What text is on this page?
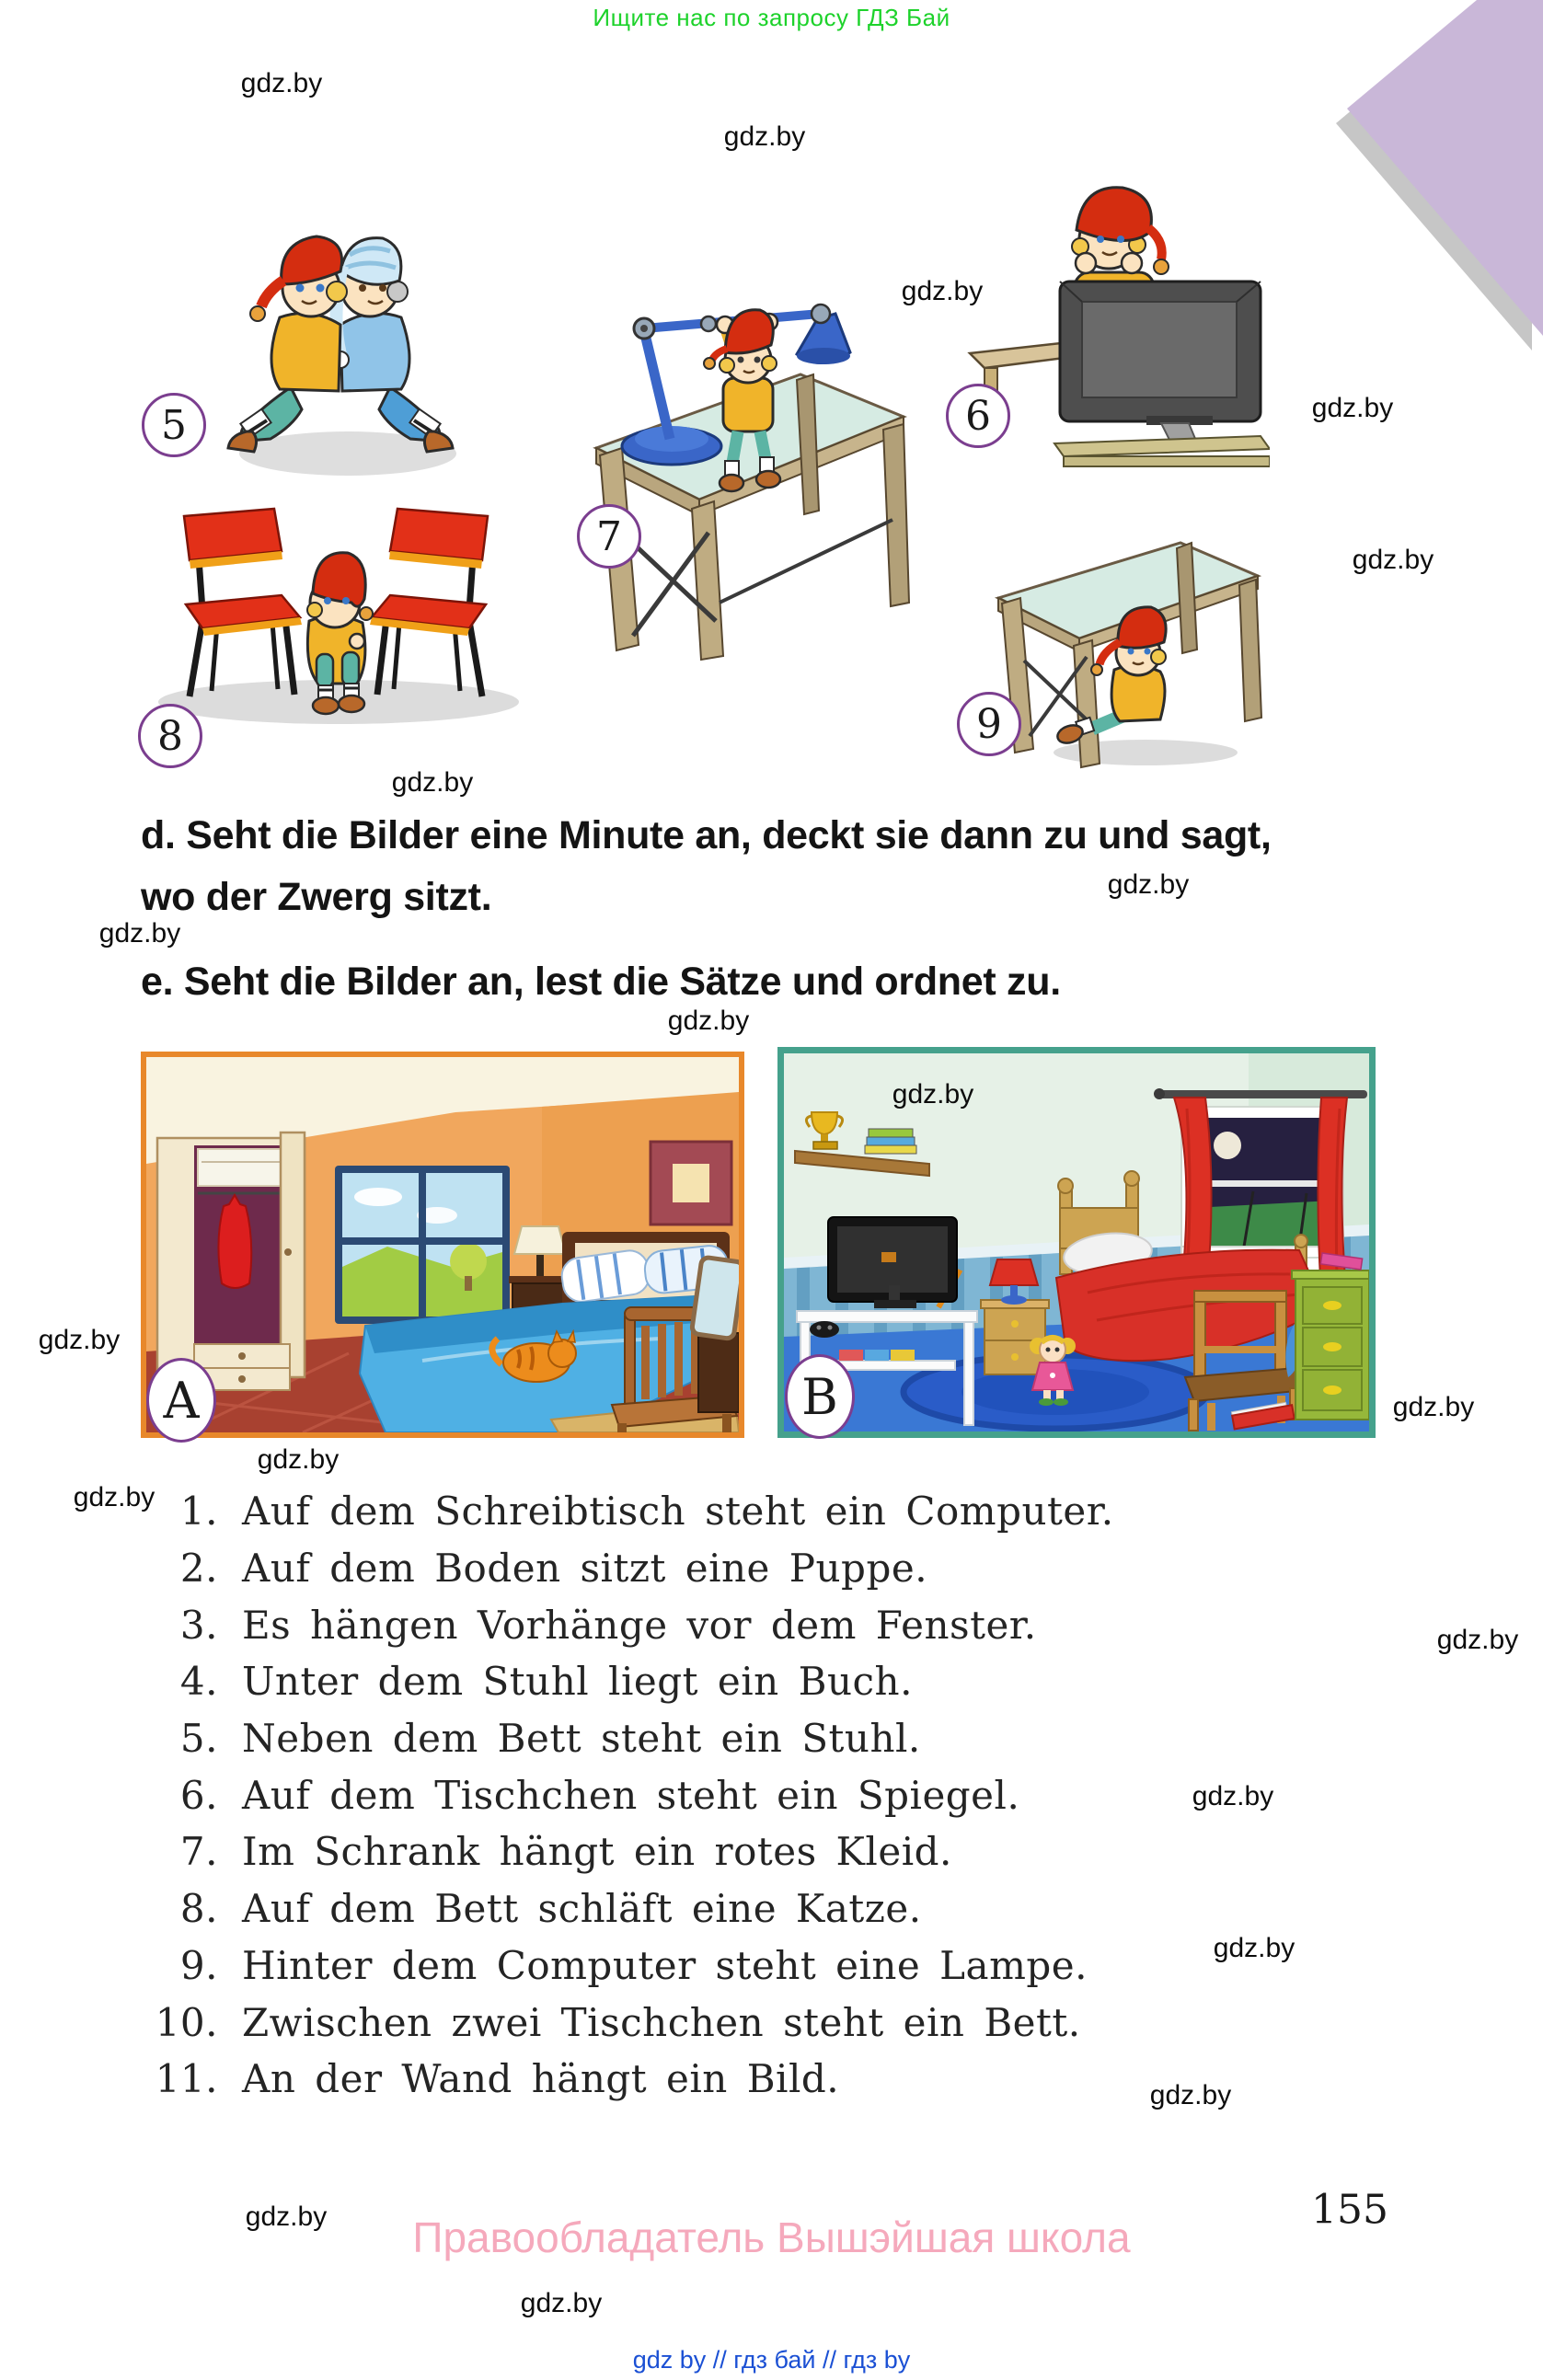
Ищите нас по запросу ГДЗ Бай
5
7
6
8	9
d. Seht die Bilder eine Minute an, deckt sie dann zu und sagt,
wo der Zwerg sitzt.
e. Seht die Bilder an, lest die Sätze und ordnet zu.
A	B
1. Auf dem Schreibtisch steht ein Computer.
2. Auf dem Boden sitzt eine Puppe.
3. Es hängen Vorhänge vor dem Fenster.
4. Unter dem Stuhl liegt ein Buch.
5. Neben dem Bett steht ein Stuhl.
6. Auf dem Tischchen steht ein Spiegel.
7. Im Schrank hängt ein rotes Kleid.
8. Auf dem Bett schläft eine Katze.
9. Hinter dem Computer steht eine Lampe.
10. Zwischen zwei Tischchen steht ein Bett.
11. An der Wand hängt ein Bild.
155
Правообладатель Вышэйшая школа
gdz by // гдз бай // гдз by
gdz.by
gdz.by
gdz.by
gdz.by
gdz.by
gdz.by
gdz.by
gdz.by
gdz.by
gdz.by
gdz.by
gdz.by
gdz.by
gdz.by
gdz.by
gdz.by
gdz.by
gdz.by
gdz.by
gdz.by
